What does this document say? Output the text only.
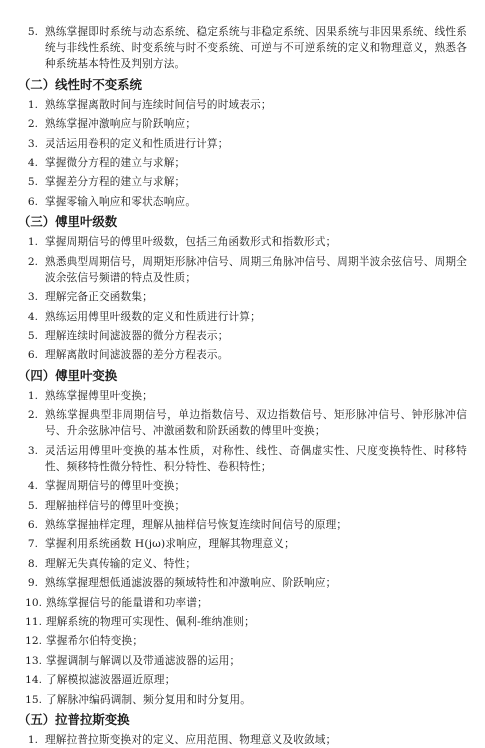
5. 熟练掌握即时系统与动态系统、稳定系统与非稳定系统、因果系统与非因果系统、线性系统与非线性系统、时变系统与时不变系统、可逆与不可逆系统的定义和物理意义，熟悉各种系统基本特性及判别方法。
（二）线性时不变系统
1. 熟练掌握离散时间与连续时间信号的时域表示；
2. 熟练掌握冲激响应与阶跃响应；
3. 灵活运用卷积的定义和性质进行计算；
4. 掌握微分方程的建立与求解；
5. 掌握差分方程的建立与求解；
6. 掌握零输入响应和零状态响应。
（三）傅里叶级数
1. 掌握周期信号的傅里叶级数，包括三角函数形式和指数形式；
2. 熟悉典型周期信号，周期矩形脉冲信号、周期三角脉冲信号、周期半波余弦信号、周期全波余弦信号频谱的特点及性质；
3. 理解完备正交函数集；
4. 熟练运用傅里叶级数的定义和性质进行计算；
5. 理解连续时间滤波器的微分方程表示；
6. 理解离散时间滤波器的差分方程表示。
（四）傅里叶变换
1. 熟练掌握傅里叶变换；
2. 熟练掌握典型非周期信号，单边指数信号、双边指数信号、矩形脉冲信号、钟形脉冲信号、升余弦脉冲信号、冲激函数和阶跃函数的傅里叶变换；
3. 灵活运用傅里叶变换的基本性质，对称性、线性、奇偶虚实性、尺度变换特性、时移特性、频移特性微分特性、积分特性、卷积特性；
4. 掌握周期信号的傅里叶变换；
5. 理解抽样信号的傅里叶变换；
6. 熟练掌握抽样定理，理解从抽样信号恢复连续时间信号的原理；
7. 掌握利用系统函数 H(jω)求响应，理解其物理意义；
8. 理解无失真传输的定义、特性；
9. 熟练掌握理想低通滤波器的频域特性和冲激响应、阶跃响应；
10. 熟练掌握信号的能量谱和功率谱；
11. 理解系统的物理可实现性、佩利-维纳准则；
12. 掌握希尔伯特变换；
13. 掌握调制与解调以及带通滤波器的运用；
14. 了解模拟滤波器逼近原理；
15. 了解脉冲编码调制、频分复用和时分复用。
（五）拉普拉斯变换
1. 理解拉普拉斯变换对的定义、应用范围、物理意义及收敛域；
